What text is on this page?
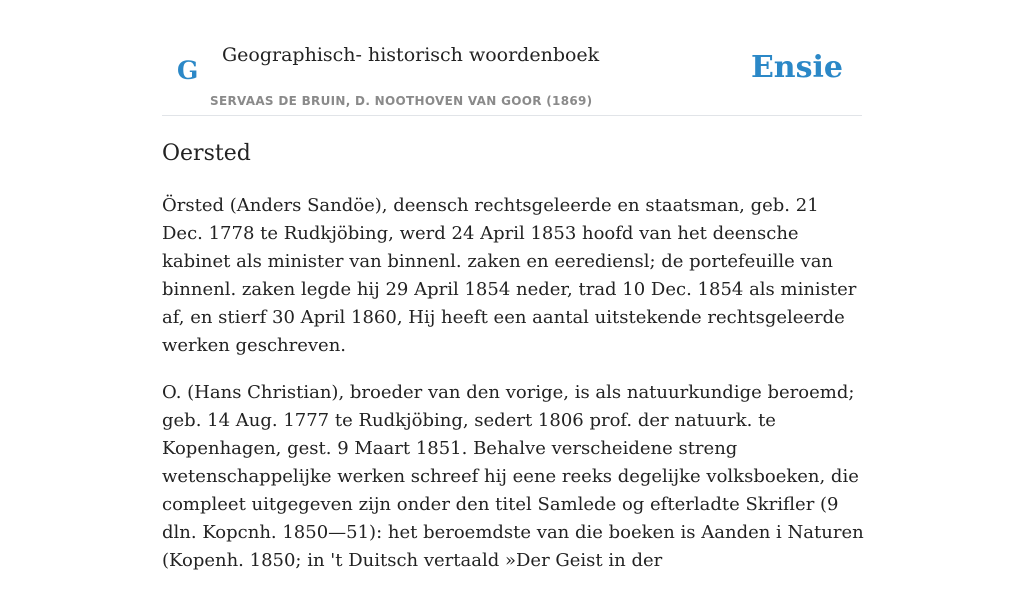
G
Geographisch- historisch woordenboek
SERVAAS DE BRUIN, D. NOOTHOVEN VAN GOOR (1869)
Ensie
Oersted

Örsted (Anders Sandöe), deensch rechtsgeleerde en staatsman, geb. 21 Dec. 1778 te Rudkjöbing, werd 24 April 1853 hoofd van het deensche kabinet als minister van binnenl. zaken en eerediensl; de portefeuille van binnenl. zaken legde hij 29 April 1854 neder, trad 10 Dec. 1854 als minister af, en stierf 30 April 1860, Hij heeft een aantal uitstekende rechtsgeleerde werken geschreven.

O. (Hans Christian), broeder van den vorige, is als natuurkundige beroemd; geb. 14 Aug. 1777 te Rudkjöbing, sedert 1806 prof. der natuurk. te Kopenhagen, gest. 9 Maart 1851. Behalve verscheidene streng wetenschappelijke werken schreef hij eene reeks degelijke volksboeken, die compleet uitgegeven zijn onder den titel Samlede og efterladte Skrifler (9 dln. Kopcnh. 1850—51): het beroemdste van die boeken is Aanden i Naturen (Kopenh. 1850; in 't Duitsch vertaald »Der Geist in der
